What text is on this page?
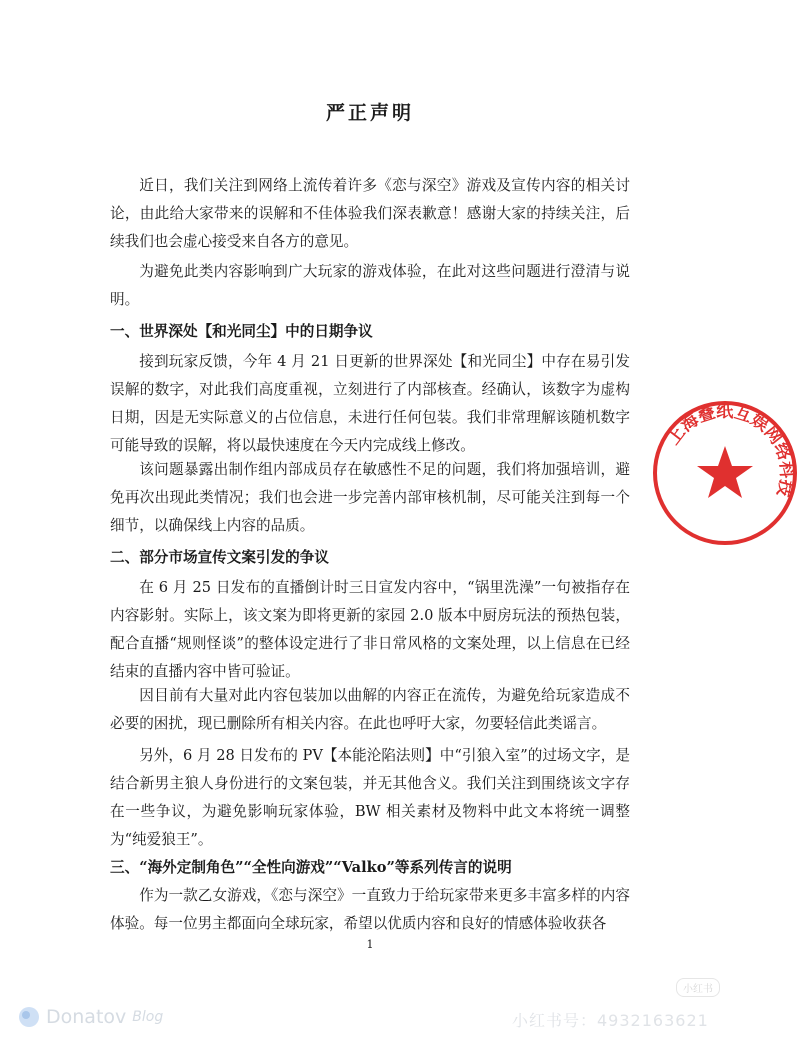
严正声明

近日，我们关注到网络上流传着许多《恋与深空》游戏及宣传内容的相关讨论，由此给大家带来的误解和不佳体验我们深表歉意！感谢大家的持续关注，后续我们也会虚心接受来自各方的意见。

为避免此类内容影响到广大玩家的游戏体验，在此对这些问题进行澄清与说明。

一、世界深处【和光同尘】中的日期争议

接到玩家反馈，今年 4 月 21 日更新的世界深处【和光同尘】中存在易引发误解的数字，对此我们高度重视，立刻进行了内部核查。经确认，该数字为虚构日期，因是无实际意义的占位信息，未进行任何包装。我们非常理解该随机数字可能导致的误解，将以最快速度在今天内完成线上修改。

该问题暴露出制作组内部成员存在敏感性不足的问题，我们将加强培训，避免再次出现此类情况；我们也会进一步完善内部审核机制，尽可能关注到每一个细节，以确保线上内容的品质。

二、部分市场宣传文案引发的争议

在 6 月 25 日发布的直播倒计时三日宣发内容中，“锅里洗澡”一句被指存在内容影射。实际上，该文案为即将更新的家园 2.0 版本中厨房玩法的预热包装，配合直播“规则怪谈”的整体设定进行了非日常风格的文案处理，以上信息在已经结束的直播内容中皆可验证。

因目前有大量对此内容包装加以曲解的内容正在流传，为避免给玩家造成不必要的困扰，现已删除所有相关内容。在此也呼吁大家，勿要轻信此类谣言。

另外，6 月 28 日发布的 PV【本能沦陷法则】中“引狼入室”的过场文字，是结合新男主狼人身份进行的文案包装，并无其他含义。我们关注到围绕该文字存在一些争议，为避免影响玩家体验，BW 相关素材及物料中此文本将统一调整为“纯爱狼王”。

三、“海外定制角色”“全性向游戏”“Valko”等系列传言的说明

作为一款乙女游戏，《恋与深空》一直致力于给玩家带来更多丰富多样的内容体验。每一位男主都面向全球玩家，希望以优质内容和良好的情感体验收获各

1
上海叠纸互娱网络科技
Donatov Blog
小红书
小红书号：4932163621
